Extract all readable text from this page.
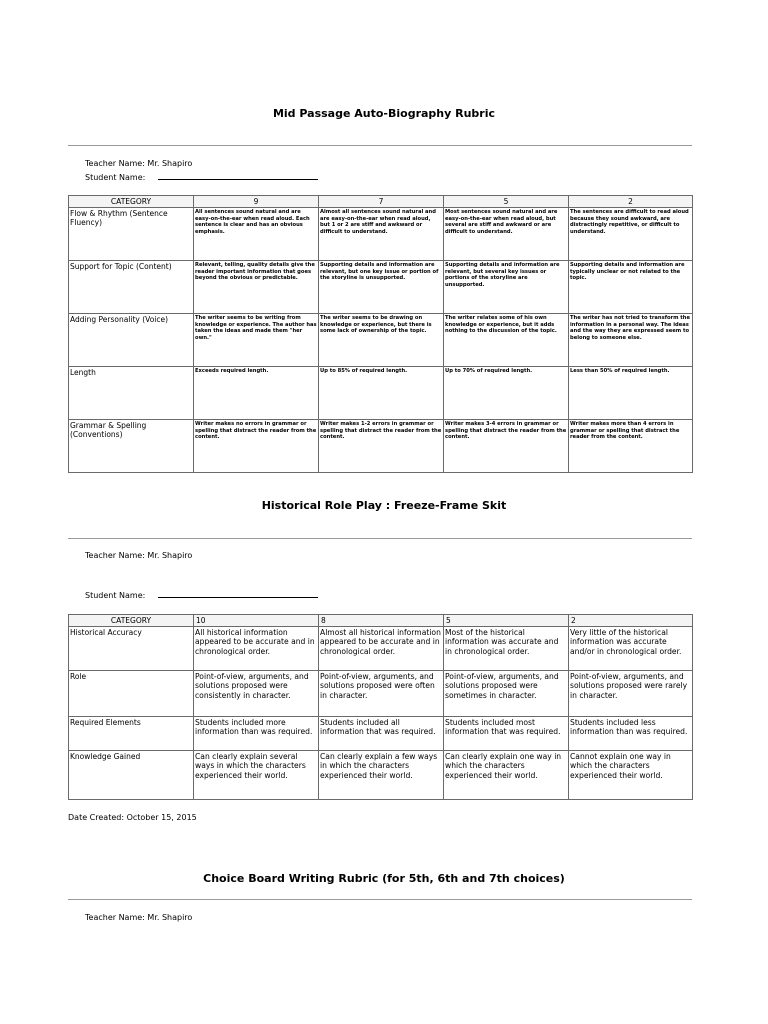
Mid Passage Auto-Biography Rubric
Teacher Name: Mr. Shapiro
Student Name:
CATEGORY	9	7	5	2
Flow & Rhythm (Sentence Fluency)	All sentences sound natural and are easy-on-the-ear when read aloud. Each sentence is clear and has an obvious emphasis.	Almost all sentences sound natural and are easy-on-the-ear when read aloud, but 1 or 2 are stiff and awkward or difficult to understand.	Most sentences sound natural and are easy-on-the-ear when read aloud, but several are stiff and awkward or are difficult to understand.	The sentences are difficult to read aloud because they sound awkward, are distractingly repetitive, or difficult to understand.
Support for Topic (Content)	Relevant, telling, quality details give the reader important information that goes beyond the obvious or predictable.	Supporting details and information are relevant, but one key issue or portion of the storyline is unsupported.	Supporting details and information are relevant, but several key issues or portions of the storyline are unsupported.	Supporting details and information are typically unclear or not related to the topic.
Adding Personality (Voice)	The writer seems to be writing from knowledge or experience. The author has taken the ideas and made them "her own."	The writer seems to be drawing on knowledge or experience, but there is some lack of ownership of the topic.	The writer relates some of his own knowledge or experience, but it adds nothing to the discussion of the topic.	The writer has not tried to transform the information in a personal way. The ideas and the way they are expressed seem to belong to someone else.
Length	Exceeds required length.	Up to 85% of required length.	Up to 70% of required length.	Less than 50% of required length.
Grammar & Spelling (Conventions)	Writer makes no errors in grammar or spelling that distract the reader from the content.	Writer makes 1-2 errors in grammar or spelling that distract the reader from the content.	Writer makes 3-4 errors in grammar or spelling that distract the reader from the content.	Writer makes more than 4 errors in grammar or spelling that distract the reader from the content.
Historical Role Play : Freeze-Frame Skit
Teacher Name: Mr. Shapiro
Student Name:
CATEGORY	10	8	5	2
Historical Accuracy	All historical information appeared to be accurate and in chronological order.	Almost all historical information appeared to be accurate and in chronological order.	Most of the historical information was accurate and in chronological order.	Very little of the historical information was accurate and/or in chronological order.
Role	Point-of-view, arguments, and solutions proposed were consistently in character.	Point-of-view, arguments, and solutions proposed were often in character.	Point-of-view, arguments, and solutions proposed were sometimes in character.	Point-of-view, arguments, and solutions proposed were rarely in character.
Required Elements	Students included more information than was required.	Students included all information that was required.	Students included most information that was required.	Students included less information than was required.
Knowledge Gained	Can clearly explain several ways in which the characters experienced their world.	Can clearly explain a few ways in which the characters experienced their world.	Can clearly explain one way in which the characters experienced their world.	Cannot explain one way in which the characters experienced their world.
Date Created: October 15, 2015
Choice Board Writing Rubric (for 5th, 6th and 7th choices)
Teacher Name: Mr. Shapiro
